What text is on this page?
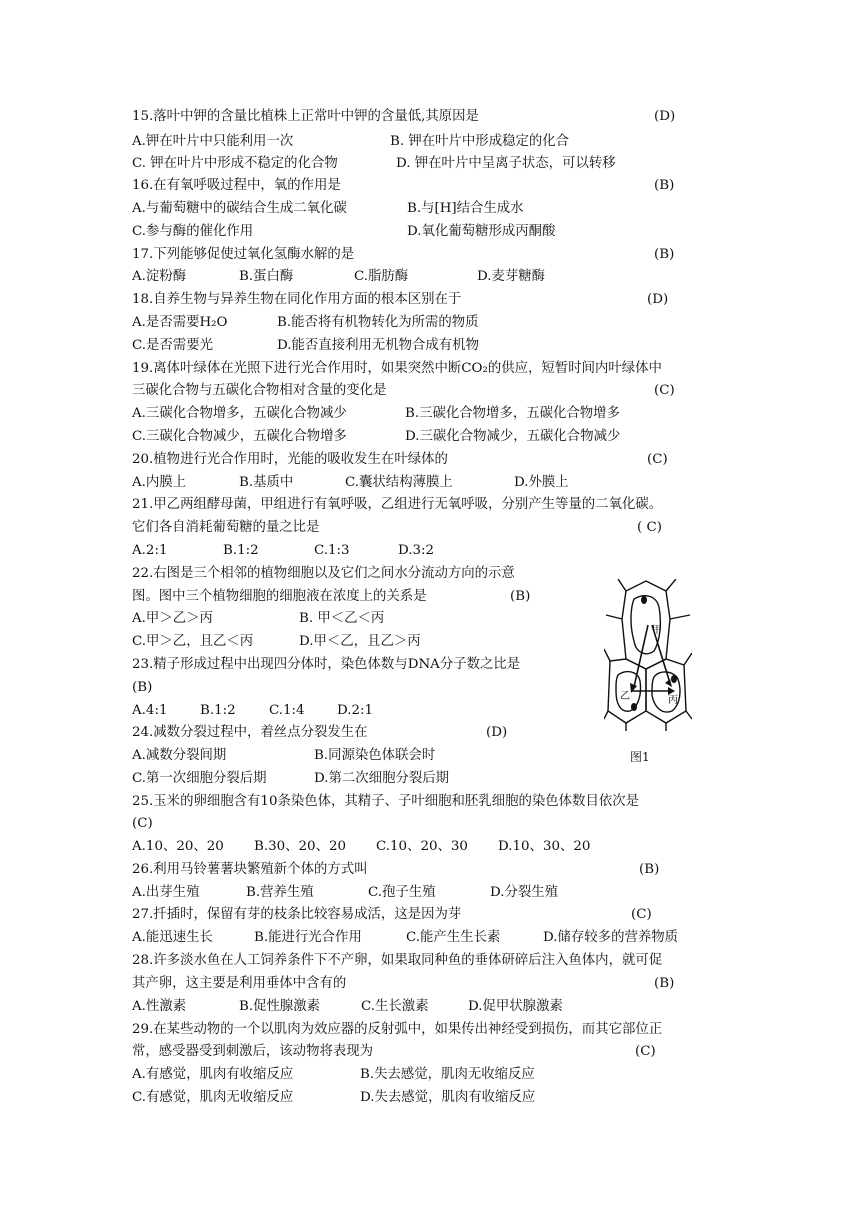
15.落叶中钾的含量比植株上正常叶中钾的含量低,其原因是	(D)
A.钾在叶片中只能利用一次	B. 钾在叶片中形成稳定的化合
C. 钾在叶片中形成不稳定的化合物	D. 钾在叶片中呈离子状态，可以转移
16.在有氧呼吸过程中，氧的作用是	(B)
A.与葡萄糖中的碳结合生成二氧化碳	B.与[H]结合生成水
C.参与酶的催化作用	D.氧化葡萄糖形成丙酮酸
17.下列能够促使过氧化氢酶水解的是	(B)
A.淀粉酶	B.蛋白酶	C.脂肪酶	D.麦芽糖酶
18.自养生物与异养生物在同化作用方面的根本区别在于	(D)
A.是否需要H₂O	B.能否将有机物转化为所需的物质
C.是否需要光	D.能否直接利用无机物合成有机物
19.离体叶绿体在光照下进行光合作用时，如果突然中断CO₂的供应，短暂时间内叶绿体中
三碳化合物与五碳化合物相对含量的变化是	(C)
A.三碳化合物增多，五碳化合物减少	B.三碳化合物增多，五碳化合物增多
C.三碳化合物减少，五碳化合物增多	D.三碳化合物减少，五碳化合物减少
20.植物进行光合作用时，光能的吸收发生在叶绿体的	(C)
A.内膜上	B.基质中	C.囊状结构薄膜上	D.外膜上
21.甲乙两组酵母菌，甲组进行有氧呼吸，乙组进行无氧呼吸，分别产生等量的二氧化碳。
它们各自消耗葡萄糖的量之比是	( C)
A.2:1	B.1:2	C.1:3	D.3:2
22.右图是三个相邻的植物细胞以及它们之间水分流动方向的示意
图。图中三个植物细胞的细胞液在浓度上的关系是	(B)
A.甲＞乙＞丙	B. 甲＜乙＜丙
C.甲＞乙，且乙＜丙	D.甲＜乙，且乙＞丙
23.精子形成过程中出现四分体时，染色体数与DNA分子数之比是
(B)
A.4:1 B.1:2 C.1:4 D.2:1
24.减数分裂过程中，着丝点分裂发生在	(D)
A.减数分裂间期	B.同源染色体联会时
C.第一次细胞分裂后期	D.第二次细胞分裂后期
25.玉米的卵细胞含有10条染色体，其精子、子叶细胞和胚乳细胞的染色体数目依次是
(C)
A.10、20、20 B.30、20、20 C.10、20、30 D.10、30、20
26.利用马铃薯薯块繁殖新个体的方式叫	(B)
A.出芽生殖	B.营养生殖	C.孢子生殖	D.分裂生殖
27.扦插时，保留有芽的枝条比较容易成活，这是因为芽	(C)
A.能迅速生长	B.能进行光合作用	C.能产生生长素	D.储存较多的营养物质
28.许多淡水鱼在人工饲养条件下不产卵，如果取同种鱼的垂体研碎后注入鱼体内，就可促
其产卵，这主要是利用垂体中含有的	(B)
A.性激素	B.促性腺激素	C.生长激素	D.促甲状腺激素
29.在某些动物的一个以肌肉为效应器的反射弧中，如果传出神经受到损伤，而其它部位正
常，感受器受到刺激后，该动物将表现为	(C)
A.有感觉，肌肉有收缩反应	B.失去感觉，肌肉无收缩反应
C.有感觉，肌肉无收缩反应	D.失去感觉，肌肉有收缩反应
甲
乙	丙
图1
